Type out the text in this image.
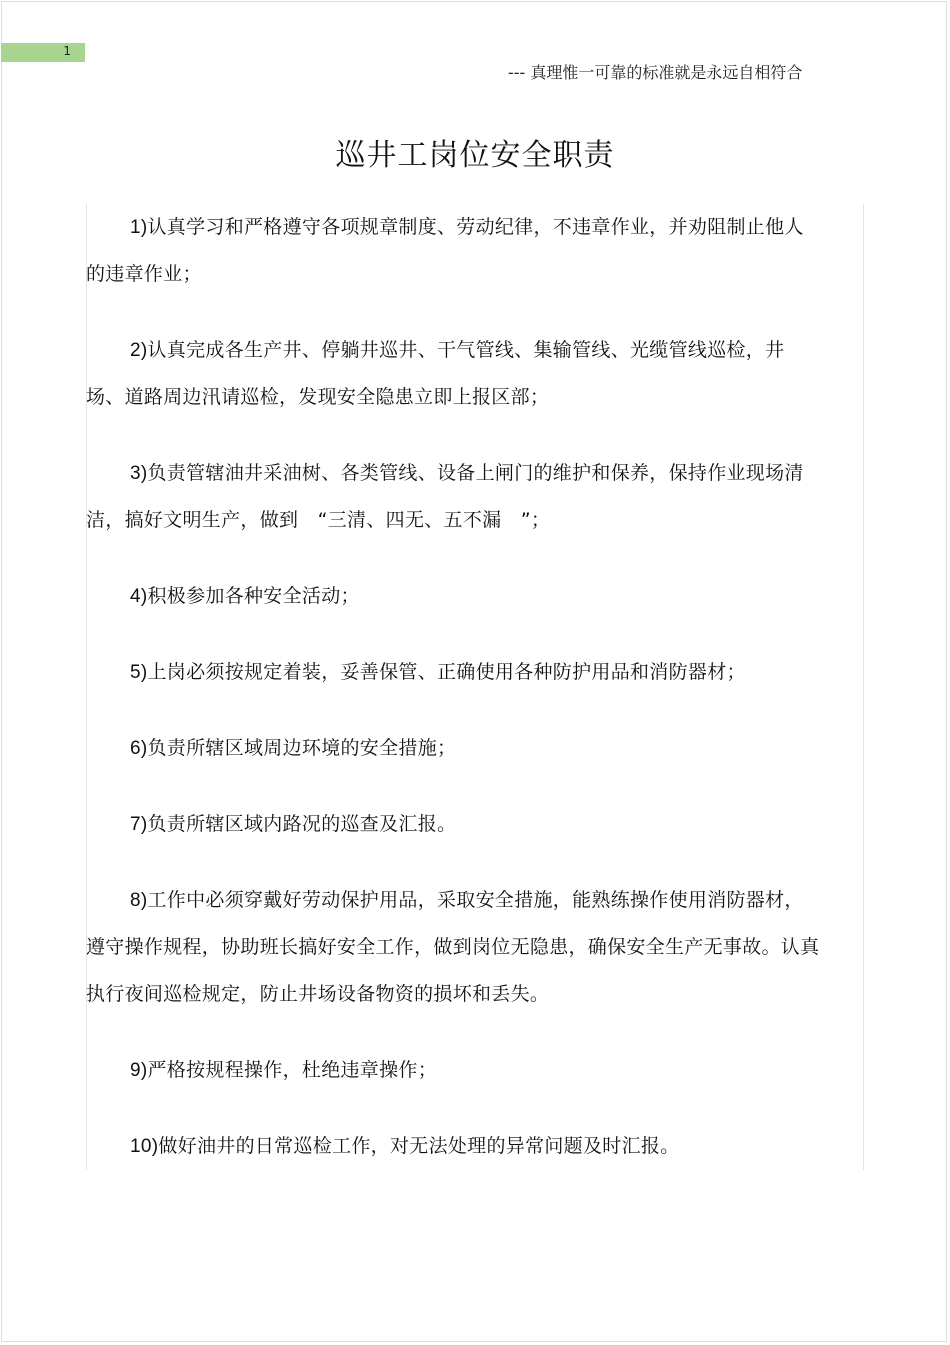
1
--- 真理惟一可靠的标准就是永远自相符合
巡井工岗位安全职责

1)认真学习和严格遵守各项规章制度、劳动纪律，不违章作业，并劝阻制止他人的违章作业；

2)认真完成各生产井、停躺井巡井、干气管线、集输管线、光缆管线巡检，井场、道路周边汛请巡检，发现安全隐患立即上报区部；

3)负责管辖油井采油树、各类管线、设备上闸门的维护和保养，保持作业现场清洁，搞好文明生产，做到　“三清、四无、五不漏　”；

4)积极参加各种安全活动；

5)上岗必须按规定着装，妥善保管、正确使用各种防护用品和消防器材；

6)负责所辖区域周边环境的安全措施；

7)负责所辖区域内路况的巡查及汇报。

8)工作中必须穿戴好劳动保护用品，采取安全措施，能熟练操作使用消防器材，遵守操作规程，协助班长搞好安全工作，做到岗位无隐患，确保安全生产无事故。认真执行夜间巡检规定，防止井场设备物资的损坏和丢失。

9)严格按规程操作，杜绝违章操作；

10)做好油井的日常巡检工作，对无法处理的异常问题及时汇报。
